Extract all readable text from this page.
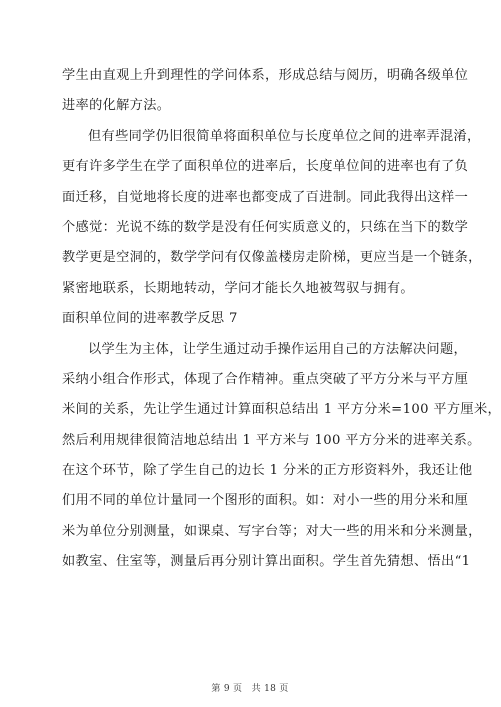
学生由直观上升到理性的学问体系，形成总结与阅历，明确各级单位

进率的化解方法。

但有些同学仍旧很简单将面积单位与长度单位之间的进率弄混淆，

更有许多学生在学了面积单位的进率后，长度单位间的进率也有了负

面迁移，自觉地将长度的进率也都变成了百进制。同此我得出这样一

个感觉：光说不练的数学是没有任何实质意义的，只练在当下的数学

教学更是空洞的，数学学问有仅像盖楼房走阶梯，更应当是一个链条，

紧密地联系，长期地转动，学问才能长久地被驾驭与拥有。

面积单位间的进率教学反思 7

以学生为主体，让学生通过动手操作运用自己的方法解决问题，

采纳小组合作形式，体现了合作精神。重点突破了平方分米与平方厘

米间的关系，先让学生通过计算面积总结出 1 平方分米=100 平方厘米，

然后利用规律很简洁地总结出 1 平方米与 100 平方分米的进率关系。

在这个环节，除了学生自己的边长 1 分米的正方形资料外，我还让他

们用不同的单位计量同一个图形的面积。如：对小一些的用分米和厘

米为单位分别测量，如课桌、写字台等；对大一些的用米和分米测量，

如教室、住室等，测量后再分别计算出面积。学生首先猜想、悟出“1

第 9 页　共 18 页
